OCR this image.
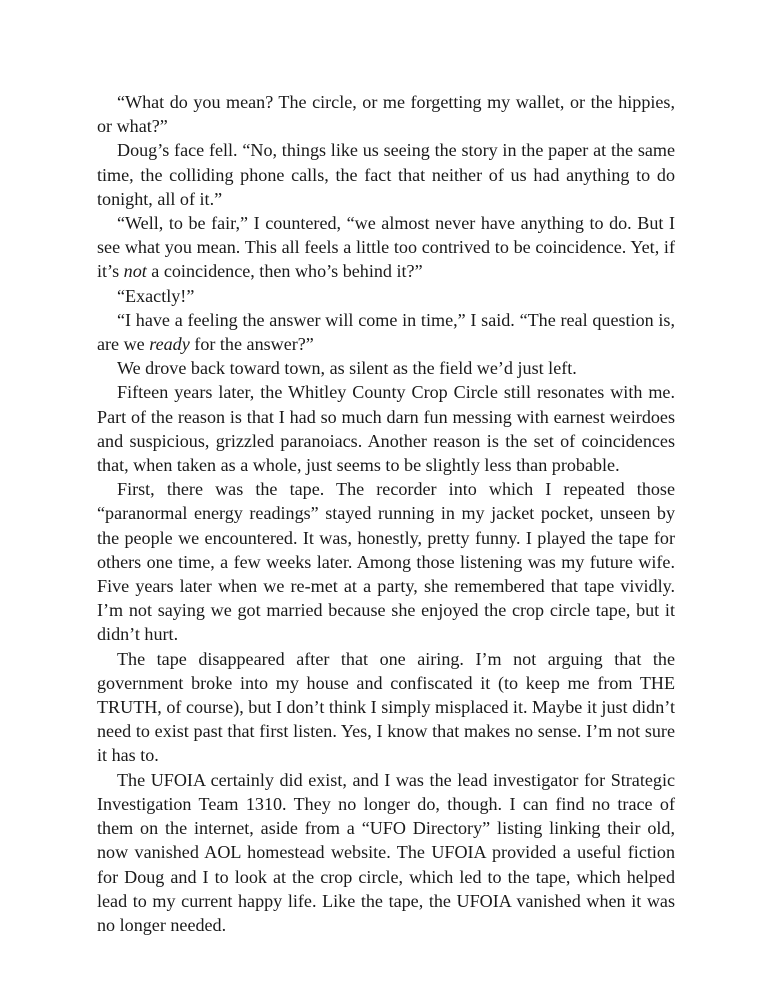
“What do you mean? The circle, or me forgetting my wallet, or the hippies, or what?”

Doug’s face fell. “No, things like us seeing the story in the paper at the same time, the colliding phone calls, the fact that neither of us had anything to do tonight, all of it.”

“Well, to be fair,” I countered, “we almost never have anything to do. But I see what you mean. This all feels a little too contrived to be coincidence. Yet, if it’s not a coincidence, then who’s behind it?”

“Exactly!”

“I have a feeling the answer will come in time,” I said. “The real question is, are we ready for the answer?”

We drove back toward town, as silent as the field we’d just left.

Fifteen years later, the Whitley County Crop Circle still resonates with me. Part of the reason is that I had so much darn fun messing with earnest weirdoes and suspicious, grizzled paranoiacs. Another reason is the set of coincidences that, when taken as a whole, just seems to be slightly less than probable.

First, there was the tape. The recorder into which I repeated those “paranormal energy readings” stayed running in my jacket pocket, unseen by the people we encountered. It was, honestly, pretty funny. I played the tape for others one time, a few weeks later. Among those listening was my future wife. Five years later when we re-met at a party, she remembered that tape vividly. I’m not saying we got married because she enjoyed the crop circle tape, but it didn’t hurt.

The tape disappeared after that one airing. I’m not arguing that the government broke into my house and confiscated it (to keep me from THE TRUTH, of course), but I don’t think I simply misplaced it. Maybe it just didn’t need to exist past that first listen. Yes, I know that makes no sense. I’m not sure it has to.

The UFOIA certainly did exist, and I was the lead investigator for Strategic Investigation Team 1310. They no longer do, though. I can find no trace of them on the internet, aside from a “UFO Directory” listing linking their old, now vanished AOL homestead website. The UFOIA provided a useful fiction for Doug and I to look at the crop circle, which led to the tape, which helped lead to my current happy life. Like the tape, the UFOIA vanished when it was no longer needed.
